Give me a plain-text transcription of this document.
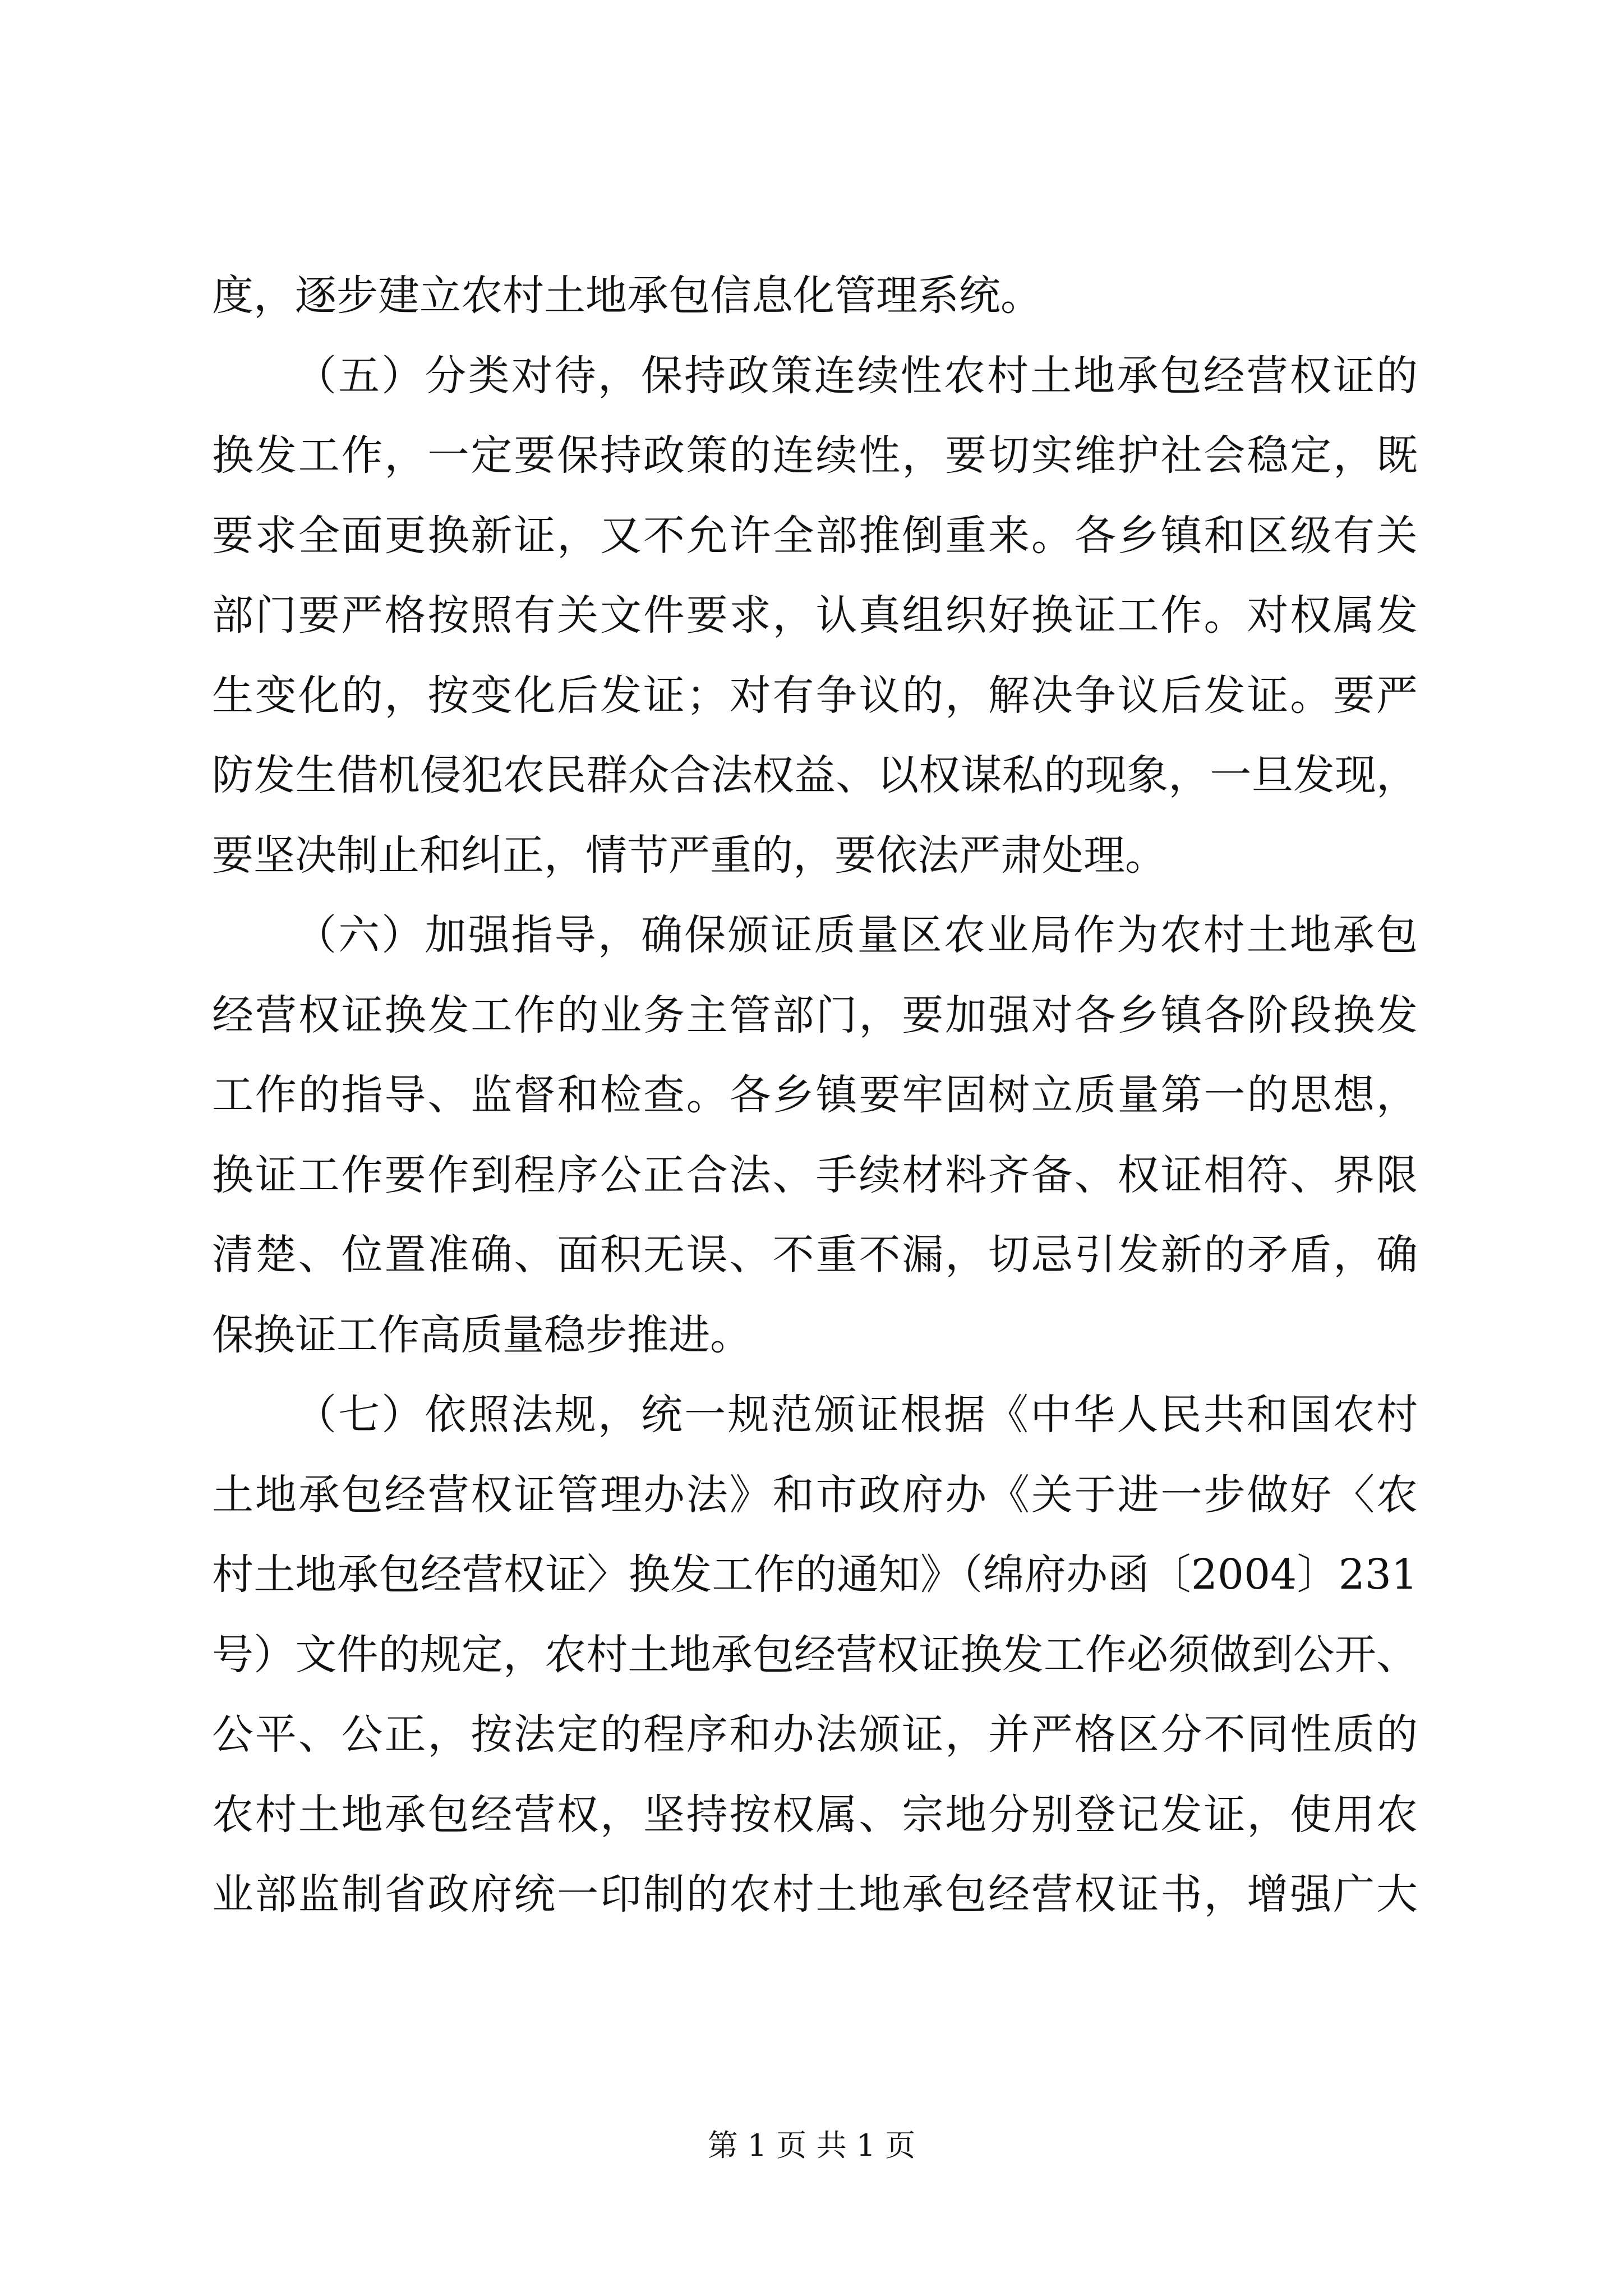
度，逐步建立农村土地承包信息化管理系统。
（五）分类对待，保持政策连续性农村土地承包经营权证的
换发工作，一定要保持政策的连续性，要切实维护社会稳定，既
要求全面更换新证，又不允许全部推倒重来。各乡镇和区级有关
部门要严格按照有关文件要求，认真组织好换证工作。对权属发
生变化的，按变化后发证；对有争议的，解决争议后发证。要严
防发生借机侵犯农民群众合法权益、以权谋私的现象，一旦发现，
要坚决制止和纠正，情节严重的，要依法严肃处理。
（六）加强指导，确保颁证质量区农业局作为农村土地承包
经营权证换发工作的业务主管部门，要加强对各乡镇各阶段换发
工作的指导、监督和检查。各乡镇要牢固树立质量第一的思想，
换证工作要作到程序公正合法、手续材料齐备、权证相符、界限
清楚、位置准确、面积无误、不重不漏，切忌引发新的矛盾，确
保换证工作高质量稳步推进。
（七）依照法规，统一规范颁证根据《中华人民共和国农村
土地承包经营权证管理办法》和市政府办《关于进一步做好〈农
村土地承包经营权证〉换发工作的通知》（绵府办函〔2004〕231
号）文件的规定，农村土地承包经营权证换发工作必须做到公开、
公平、公正，按法定的程序和办法颁证，并严格区分不同性质的
农村土地承包经营权，坚持按权属、宗地分别登记发证，使用农
业部监制省政府统一印制的农村土地承包经营权证书，增强广大
第 1 页 共 1 页
